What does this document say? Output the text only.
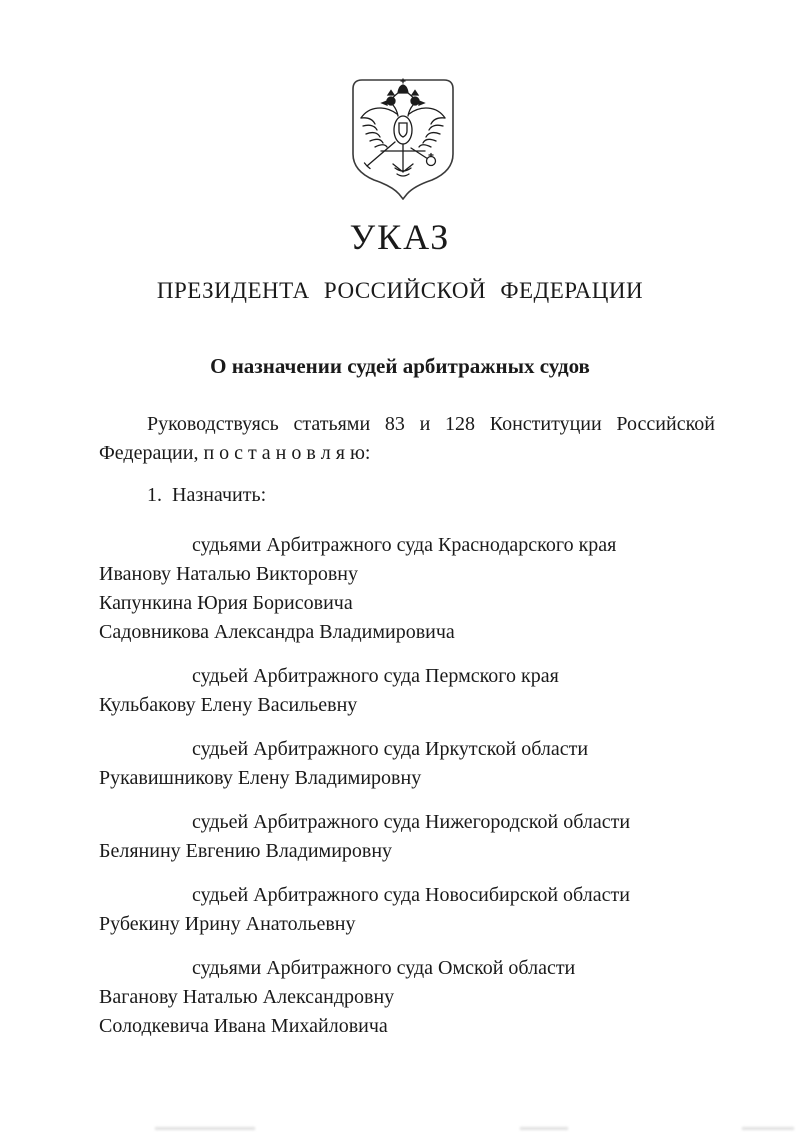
УКАЗ
ПРЕЗИДЕНТА РОССИЙСКОЙ ФЕДЕРАЦИИ
О назначении судей арбитражных судов

Руководствуясь статьями 83 и 128 Конституции Российской Федерации, п о с т а н о в л я ю:

1.  Назначить:

судьями Арбитражного суда Краснодарского края
Иванову Наталью Викторовну
Капункина Юрия Борисовича
Садовникова Александра Владимировича
судьей Арбитражного суда Пермского края
Кульбакову Елену Васильевну
судьей Арбитражного суда Иркутской области
Рукавишникову Елену Владимировну
судьей Арбитражного суда Нижегородской области
Белянину Евгению Владимировну
судьей Арбитражного суда Новосибирской области
Рубекину Ирину Анатольевну
судьями Арбитражного суда Омской области
Ваганову Наталью Александровну
Солодкевича Ивана Михайловича
